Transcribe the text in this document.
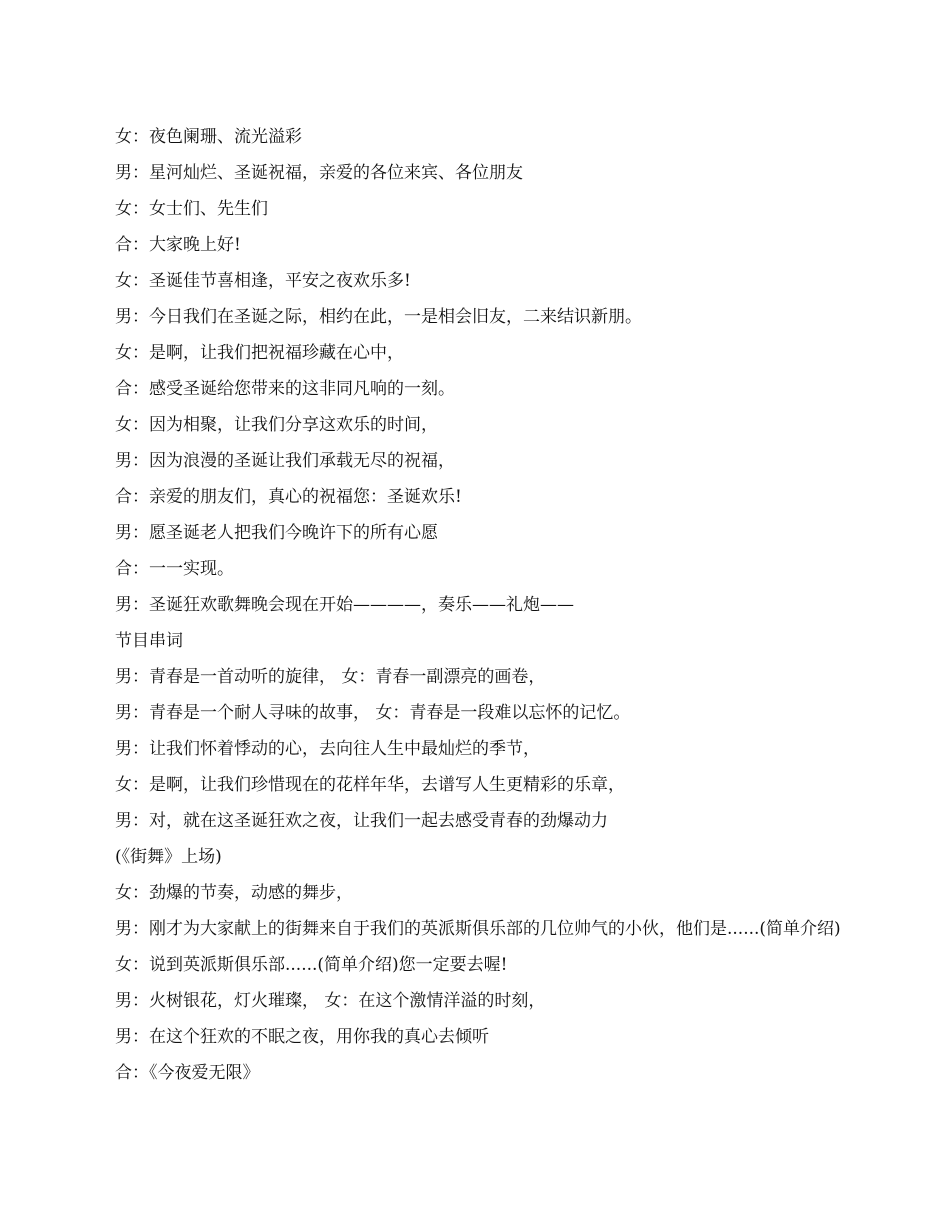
女：夜色阑珊、流光溢彩

男：星河灿烂、圣诞祝福，亲爱的各位来宾、各位朋友

女：女士们、先生们

合：大家晚上好!

女：圣诞佳节喜相逢，平安之夜欢乐多!

男：今日我们在圣诞之际，相约在此，一是相会旧友，二来结识新朋。

女：是啊，让我们把祝福珍藏在心中，

合：感受圣诞给您带来的这非同凡响的一刻。

女：因为相聚，让我们分享这欢乐的时间，

男：因为浪漫的圣诞让我们承载无尽的祝福，

合：亲爱的朋友们，真心的祝福您：圣诞欢乐!

男：愿圣诞老人把我们今晚许下的所有心愿

合：一一实现。

男：圣诞狂欢歌舞晚会现在开始————，奏乐——礼炮——

节目串词

男：青春是一首动听的旋律， 女：青春一副漂亮的画卷，

男：青春是一个耐人寻味的故事， 女：青春是一段难以忘怀的记忆。

男：让我们怀着悸动的心，去向往人生中最灿烂的季节，

女：是啊，让我们珍惜现在的花样年华，去谱写人生更精彩的乐章，

男：对，就在这圣诞狂欢之夜，让我们一起去感受青春的劲爆动力

(《街舞》上场)

女：劲爆的节奏，动感的舞步，

男：刚才为大家献上的街舞来自于我们的英派斯俱乐部的几位帅气的小伙，他们是......(简单介绍)

女：说到英派斯俱乐部......(简单介绍)您一定要去喔!

男：火树银花，灯火璀璨， 女：在这个激情洋溢的时刻，

男：在这个狂欢的不眠之夜，用你我的真心去倾听

合：《今夜爱无限》
